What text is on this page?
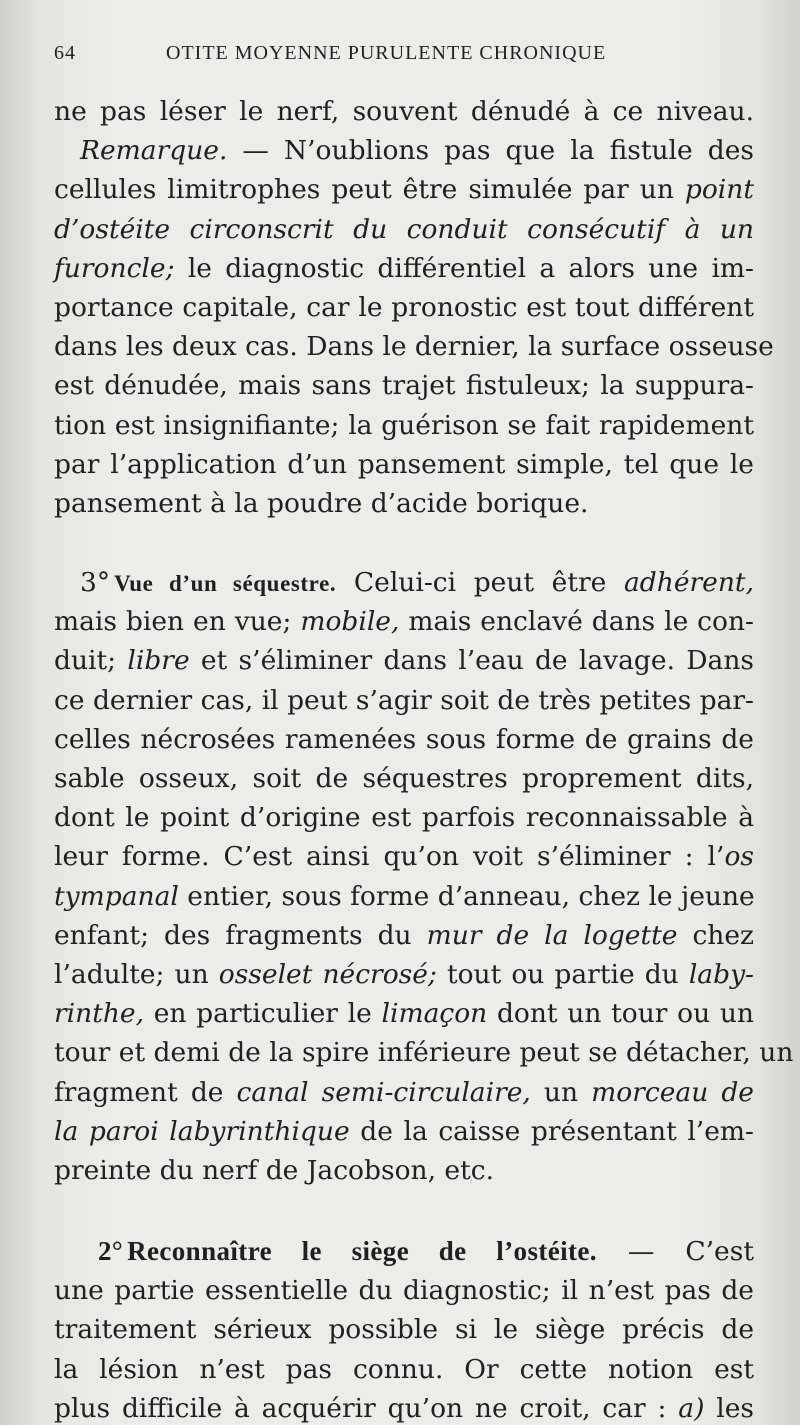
64	OTITE MOYENNE PURULENTE CHRONIQUE
ne pas léser le nerf, souvent dénudé à ce niveau.
Remarque. — N’oublions pas que la fistule des
cellules limitrophes peut être simulée par un point
d’ostéite circonscrit du conduit consécutif à un
furoncle; le diagnostic différentiel a alors une im-
portance capitale, car le pronostic est tout différent
dans les deux cas. Dans le dernier, la surface osseuse
est dénudée, mais sans trajet fistuleux; la suppura-
tion est insignifiante; la guérison se fait rapidement
par l’application d’un pansement simple, tel que le
pansement à la poudre d’acide borique.
3° Vue d’un séquestre. Celui-ci peut être adhérent,
mais bien en vue; mobile, mais enclavé dans le con-
duit; libre et s’éliminer dans l’eau de lavage. Dans
ce dernier cas, il peut s’agir soit de très petites par-
celles nécrosées ramenées sous forme de grains de
sable osseux, soit de séquestres proprement dits,
dont le point d’origine est parfois reconnaissable à
leur forme. C’est ainsi qu’on voit s’éliminer : l’os
tympanal entier, sous forme d’anneau, chez le jeune
enfant; des fragments du mur de la logette chez
l’adulte; un osselet nécrosé; tout ou partie du laby-
rinthe, en particulier le limaçon dont un tour ou un
tour et demi de la spire inférieure peut se détacher, un
fragment de canal semi-circulaire, un morceau de
la paroi labyrinthique de la caisse présentant l’em-
preinte du nerf de Jacobson, etc.
2° Reconnaître le siège de l’ostéite. — C’est
une partie essentielle du diagnostic; il n’est pas de
traitement sérieux possible si le siège précis de
la lésion n’est pas connu. Or cette notion est
plus difficile à acquérir qu’on ne croit, car : a) les
